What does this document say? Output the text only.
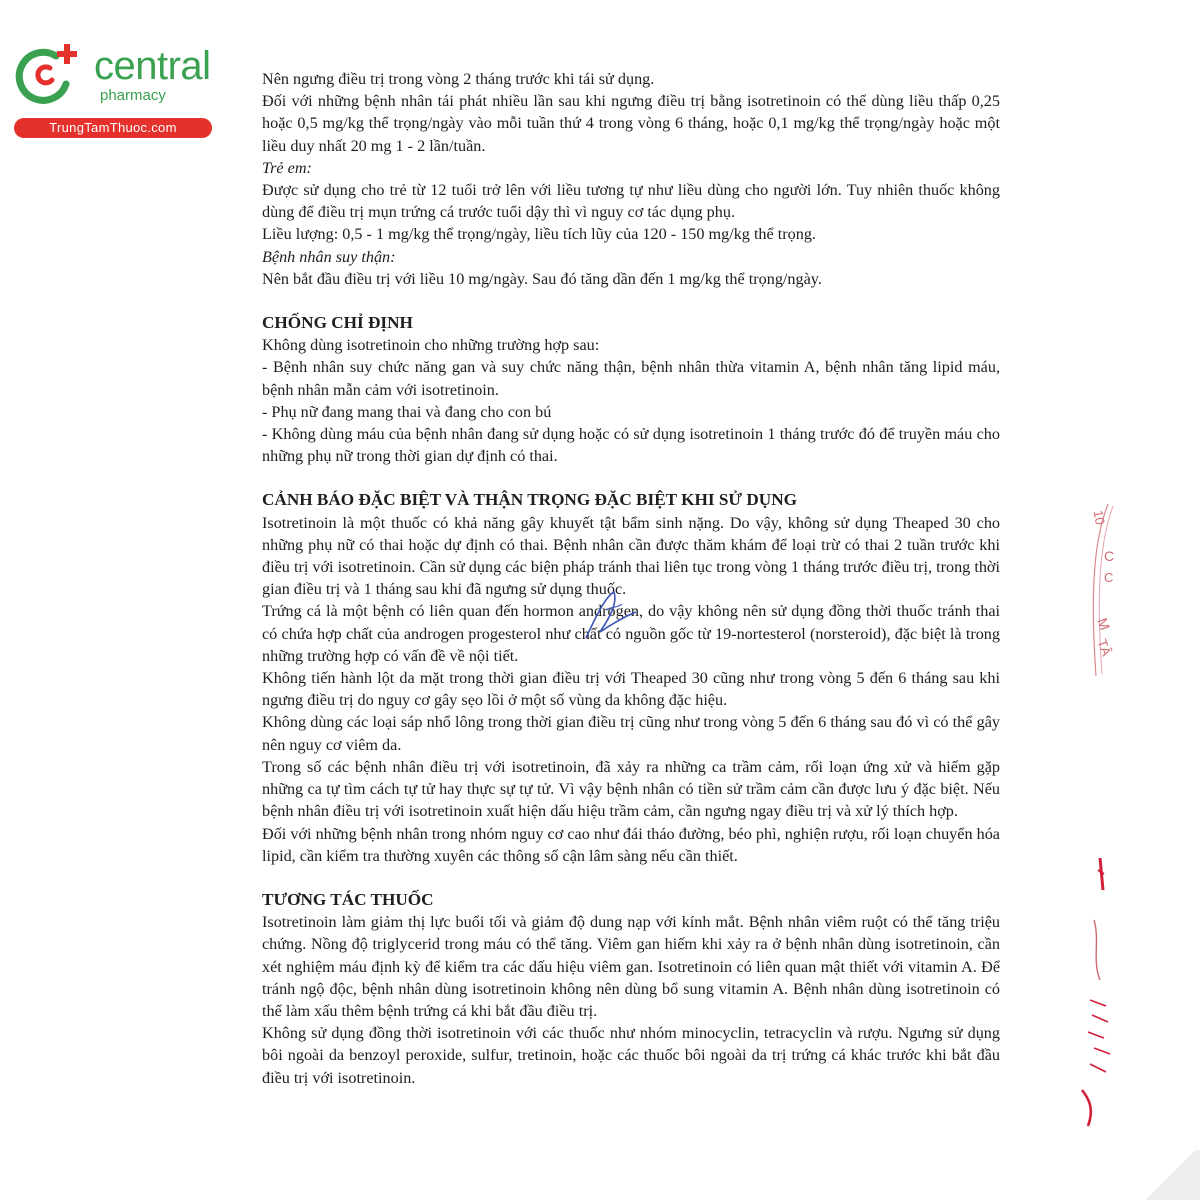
central
pharmacy
TrungTamThuoc.com

Nên ngưng điều trị trong vòng 2 tháng trước khi tái sử dụng.

Đối với những bệnh nhân tái phát nhiều lần sau khi ngưng điều trị bằng isotretinoin có thể dùng liều thấp 0,25 hoặc 0,5 mg/kg thể trọng/ngày vào mỗi tuần thứ 4 trong vòng 6 tháng, hoặc 0,1 mg/kg thể trọng/ngày hoặc một liều duy nhất 20 mg 1 - 2 lần/tuần.

Trẻ em:

Được sử dụng cho trẻ từ 12 tuổi trở lên với liều tương tự như liều dùng cho người lớn. Tuy nhiên thuốc không dùng để điều trị mụn trứng cá trước tuổi dậy thì vì nguy cơ tác dụng phụ.

Liều lượng: 0,5 - 1 mg/kg thể trọng/ngày, liều tích lũy của 120 - 150 mg/kg thể trọng.

Bệnh nhân suy thận:

Nên bắt đầu điều trị với liều 10 mg/ngày. Sau đó tăng dần đến 1 mg/kg thể trọng/ngày.

CHỐNG CHỈ ĐỊNH

Không dùng isotretinoin cho những trường hợp sau:

- Bệnh nhân suy chức năng gan và suy chức năng thận, bệnh nhân thừa vitamin A, bệnh nhân tăng lipid máu, bệnh nhân mẫn cảm với isotretinoin.

- Phụ nữ đang mang thai và đang cho con bú

- Không dùng máu của bệnh nhân đang sử dụng hoặc có sử dụng isotretinoin 1 tháng trước đó để truyền máu cho những phụ nữ trong thời gian dự định có thai.

CẢNH BÁO ĐẶC BIỆT VÀ THẬN TRỌNG ĐẶC BIỆT KHI SỬ DỤNG

Isotretinoin là một thuốc có khả năng gây khuyết tật bẩm sinh nặng. Do vậy, không sử dụng Theaped 30 cho những phụ nữ có thai hoặc dự định có thai. Bệnh nhân cần được thăm khám để loại trừ có thai 2 tuần trước khi điều trị với isotretinoin. Cần sử dụng các biện pháp tránh thai liên tục trong vòng 1 tháng trước điều trị, trong thời gian điều trị và 1 tháng sau khi đã ngưng sử dụng thuốc.

Trứng cá là một bệnh có liên quan đến hormon androgen, do vậy không nên sử dụng đồng thời thuốc tránh thai có chứa hợp chất của androgen progesterol như chất có nguồn gốc từ 19-nortesterol (norsteroid), đặc biệt là trong những trường hợp có vấn đề về nội tiết.

Không tiến hành lột da mặt trong thời gian điều trị với Theaped 30 cũng như trong vòng 5 đến 6 tháng sau khi ngưng điều trị do nguy cơ gây sẹo lồi ở một số vùng da không đặc hiệu.

Không dùng các loại sáp nhổ lông trong thời gian điều trị cũng như trong vòng 5 đến 6 tháng sau đó vì có thể gây nên nguy cơ viêm da.

Trong số các bệnh nhân điều trị với isotretinoin, đã xảy ra những ca trầm cảm, rối loạn ứng xử và hiếm gặp những ca tự tìm cách tự tử hay thực sự tự tử. Vì vậy bệnh nhân có tiền sử trầm cảm cần được lưu ý đặc biệt. Nếu bệnh nhân điều trị với isotretinoin xuất hiện dấu hiệu trầm cảm, cần ngưng ngay điều trị và xử lý thích hợp.

Đối với những bệnh nhân trong nhóm nguy cơ cao như đái tháo đường, béo phì, nghiện rượu, rối loạn chuyển hóa lipid, cần kiểm tra thường xuyên các thông số cận lâm sàng nếu cần thiết.

TƯƠNG TÁC THUỐC

Isotretinoin làm giảm thị lực buổi tối và giảm độ dung nạp với kính mắt. Bệnh nhân viêm ruột có thể tăng triệu chứng. Nồng độ triglycerid trong máu có thể tăng. Viêm gan hiếm khi xảy ra ở bệnh nhân dùng isotretinoin, cần xét nghiệm máu định kỳ để kiểm tra các dấu hiệu viêm gan. Isotretinoin có liên quan mật thiết với vitamin A. Để tránh ngộ độc, bệnh nhân dùng isotretinoin không nên dùng bổ sung vitamin A. Bệnh nhân dùng isotretinoin có thể làm xấu thêm bệnh trứng cá khi bắt đầu điều trị.

Không sử dụng đồng thời isotretinoin với các thuốc như nhóm minocyclin, tetracyclin và rượu. Ngưng sử dụng bôi ngoài da benzoyl peroxide, sulfur, tretinoin, hoặc các thuốc bôi ngoài da trị trứng cá khác trước khi bắt đầu điều trị với isotretinoin.

10
C
C
M
TÂ
